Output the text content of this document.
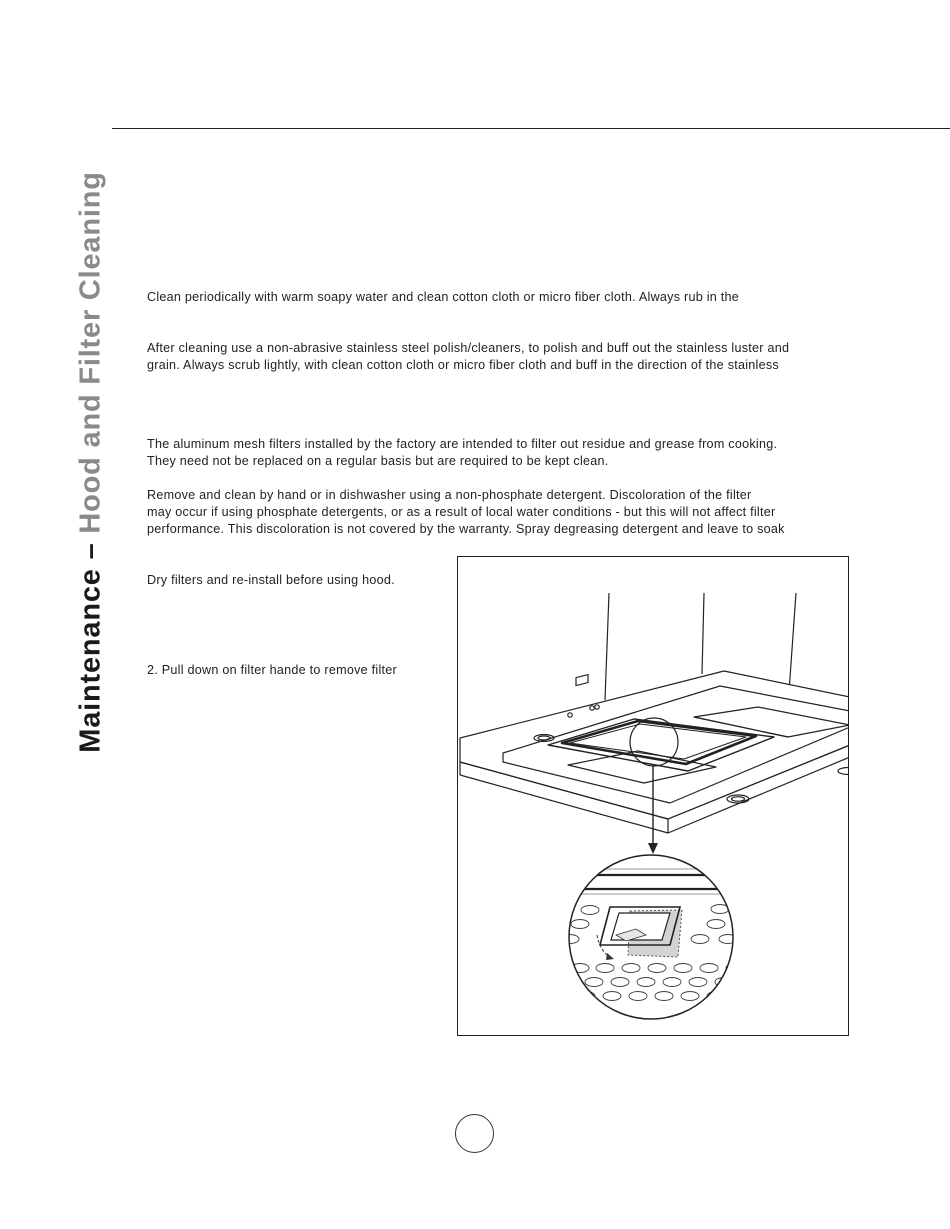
Maintenance – Hood and Filter Cleaning	Clean periodically with warm soapy water and clean cotton cloth or micro fiber cloth. Always rub in the

After cleaning use a non-abrasive stainless steel polish/cleaners, to polish and buff out the stainless luster and
grain. Always scrub lightly, with clean cotton cloth or micro fiber cloth and buff in the direction of the stainless

The aluminum mesh filters installed by the factory are intended to filter out residue and grease from cooking.
They need not be replaced on a regular basis but are required to be kept clean.

Remove and clean by hand or in dishwasher using a non-phosphate detergent. Discoloration of the filter
may occur if using phosphate detergents, or as a result of local water conditions - but this will not affect filter
performance. This discoloration is not covered by the warranty. Spray degreasing detergent and leave to soak

Dry filters and re-install before using hood.

2. Pull down on filter hande to remove filter
